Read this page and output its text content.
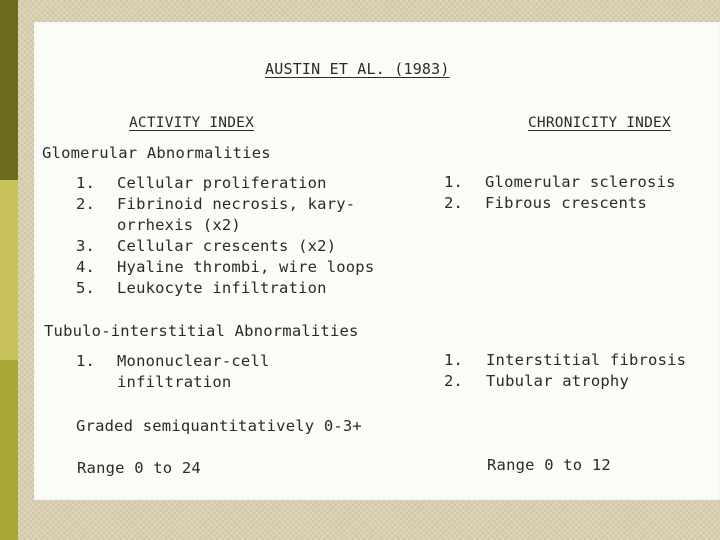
AUSTIN ET AL. (1983)
ACTIVITY INDEX	CHRONICITY INDEX
Glomerular Abnormalities
1. Cellular proliferation
2. Fibrinoid necrosis, kary-
orrhexis (x2)
3. Cellular crescents (x2)
4. Hyaline thrombi, wire loops
5. Leukocyte infiltration
1. Glomerular sclerosis
2. Fibrous crescents
Tubulo-interstitial Abnormalities
1. Mononuclear-cell
infiltration
1. Interstitial fibrosis
2. Tubular atrophy
Graded semiquantitatively 0-3+
Range 0 to 24	Range 0 to 12
